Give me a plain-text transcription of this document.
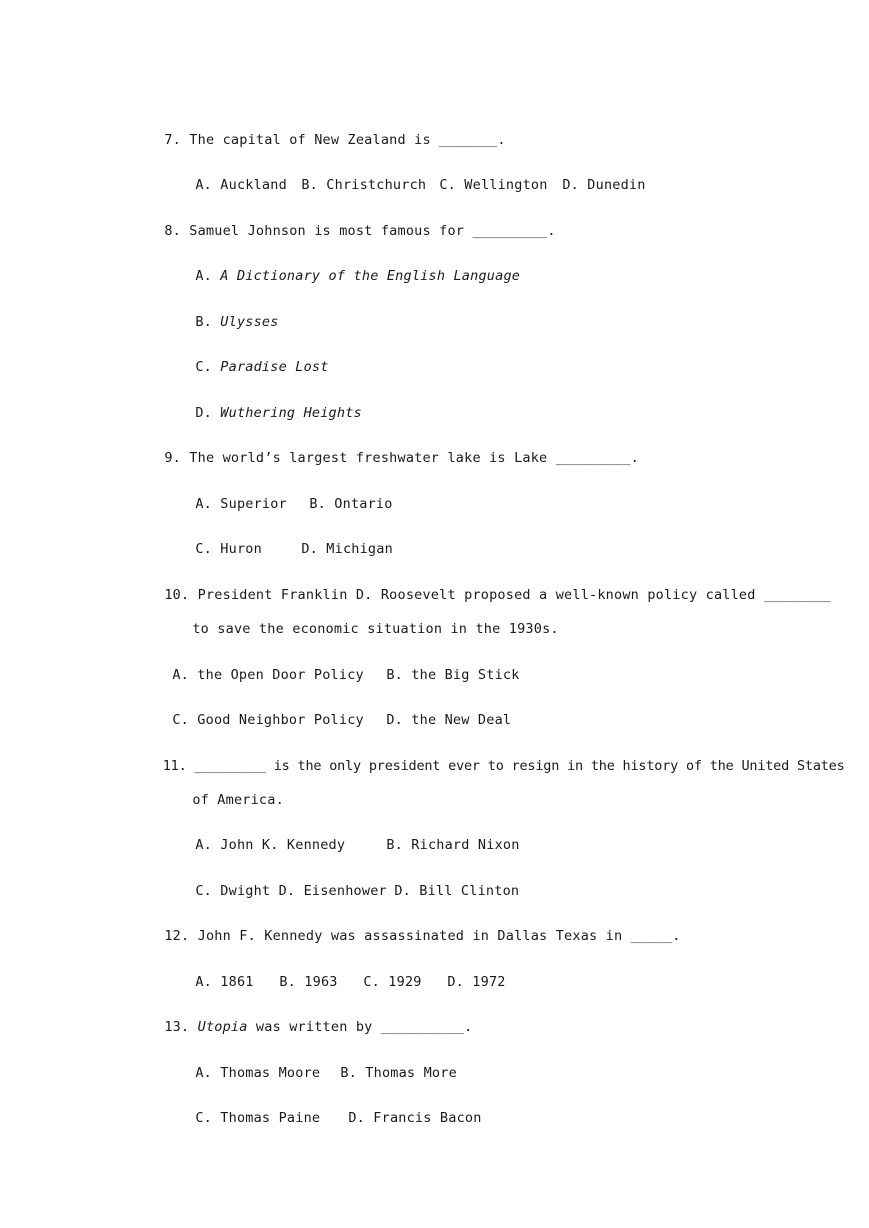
7. The capital of New Zealand is _______.

A. Auckland
	B. Christchurch
C. Wellington
	D. Dunedin

8. Samuel Johnson is most famous for _________.

A. A Dictionary of the English Language

B. Ulysses

C. Paradise Lost

D. Wuthering Heights

9. The world’s largest freshwater lake is Lake _________.

A. Superior
	B. Ontario

C. Huron
	D. Michigan

10. President Franklin D. Roosevelt proposed a well-known policy called ________

to save the economic situation in the 1930s.

A. the Open Door Policy
	B. the Big Stick

C. Good Neighbor Policy
	D. the New Deal

11. _________ is the only president ever to resign in the history of the United States

of America.

A. John K. Kennedy
	B. Richard Nixon

C. Dwight D. Eisenhower
D. Bill Clinton

12. John F. Kennedy was assassinated in Dallas Texas in _____.

A. 1861
	B. 1963
	C. 1929
	D. 1972

13. Utopia was written by __________.

A. Thomas Moore
	B. Thomas More

C. Thomas Paine
	D. Francis Bacon
